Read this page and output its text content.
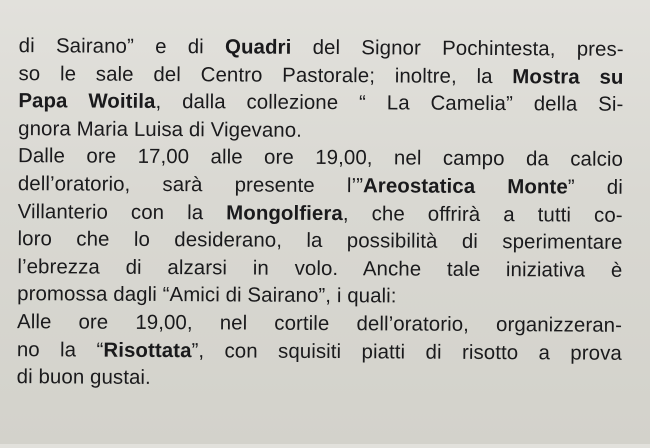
di Sairano” e di Quadri del Signor Pochintesta, pres-
so le sale del Centro Pastorale; inoltre, la Mostra su
Papa Woitila, dalla collezione “ La Camelia” della Si-
gnora Maria Luisa di Vigevano.

Dalle ore 17,00 alle ore 19,00, nel campo da calcio
dell’oratorio, sarà presente l’”Areostatica Monte” di
Villanterio con la Mongolfiera, che offrirà a tutti co-
loro che lo desiderano, la possibilità di sperimentare
l’ebrezza di alzarsi in volo. Anche tale iniziativa è
promossa dagli “Amici di Sairano”, i quali:

Alle ore 19,00, nel cortile dell’oratorio, organizzeran-
no la “Risottata”, con squisiti piatti di risotto a prova
di buon gustai.
